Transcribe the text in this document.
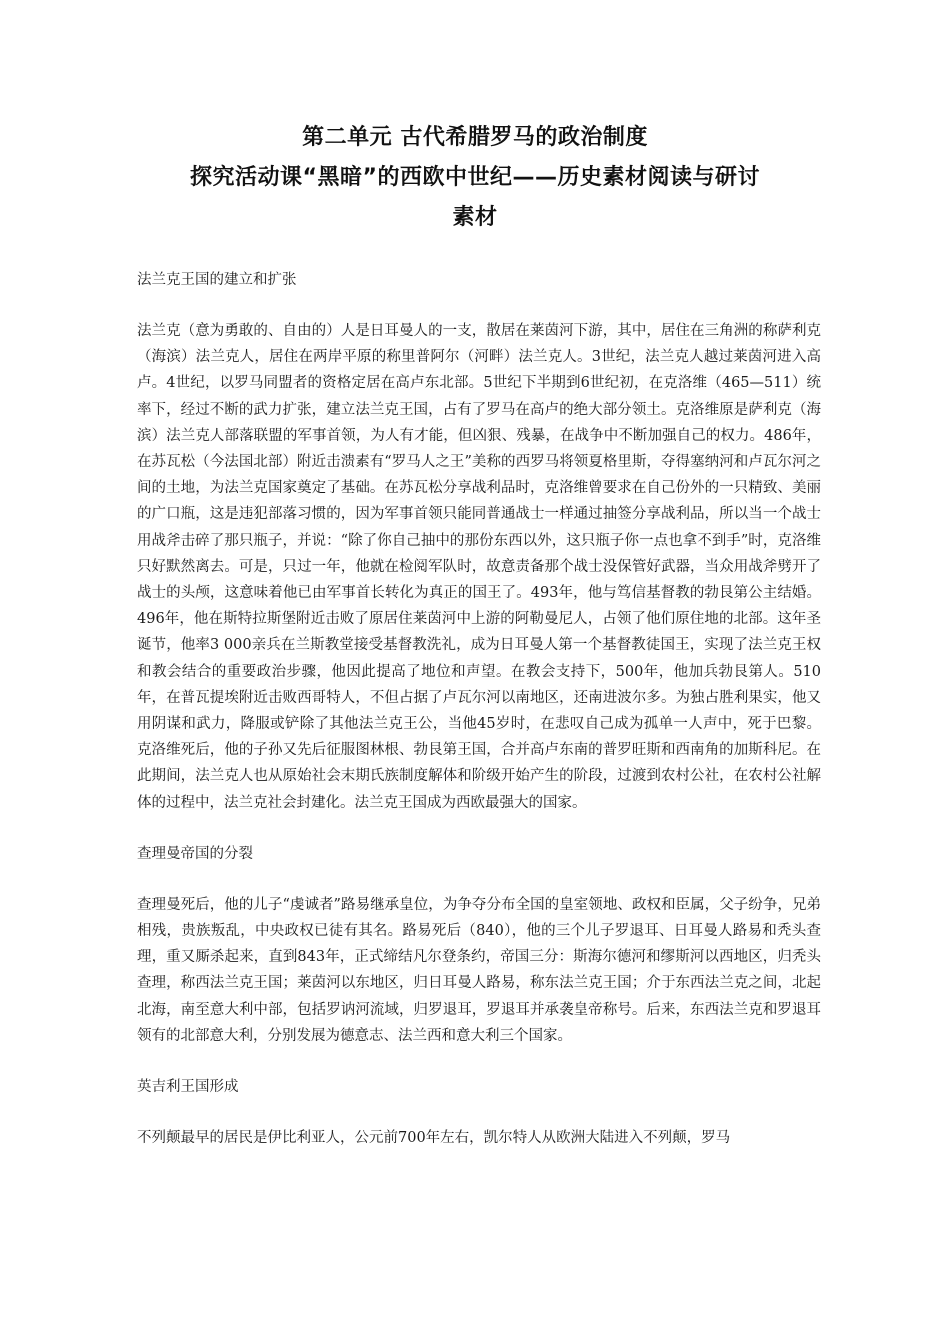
第二单元 古代希腊罗马的政治制度
探究活动课“黑暗”的西欧中世纪——历史素材阅读与研讨
素材
法兰克王国的建立和扩张
法兰克（意为勇敢的、自由的）人是日耳曼人的一支，散居在莱茵河下游，其中，居住在三角洲的称萨利克（海滨）法兰克人，居住在两岸平原的称里普阿尔（河畔）法兰克人。3世纪，法兰克人越过莱茵河进入高卢。4世纪，以罗马同盟者的资格定居在高卢东北部。5世纪下半期到6世纪初，在克洛维（465—511）统率下，经过不断的武力扩张，建立法兰克王国，占有了罗马在高卢的绝大部分领土。克洛维原是萨利克（海滨）法兰克人部落联盟的军事首领，为人有才能，但凶狠、残暴，在战争中不断加强自己的权力。486年，在苏瓦松（今法国北部）附近击溃素有“罗马人之王”美称的西罗马将领夏格里斯，夺得塞纳河和卢瓦尔河之间的土地，为法兰克国家奠定了基础。在苏瓦松分享战利品时，克洛维曾要求在自己份外的一只精致、美丽的广口瓶，这是违犯部落习惯的，因为军事首领只能同普通战士一样通过抽签分享战利品，所以当一个战士用战斧击碎了那只瓶子，并说：“除了你自己抽中的那份东西以外，这只瓶子你一点也拿不到手”时，克洛维只好默然离去。可是，只过一年，他就在检阅军队时，故意责备那个战士没保管好武器，当众用战斧劈开了战士的头颅，这意味着他已由军事首长转化为真正的国王了。493年，他与笃信基督教的勃艮第公主结婚。496年，他在斯特拉斯堡附近击败了原居住莱茵河中上游的阿勒曼尼人，占领了他们原住地的北部。这年圣诞节，他率3 000亲兵在兰斯教堂接受基督教洗礼，成为日耳曼人第一个基督教徒国王，实现了法兰克王权和教会结合的重要政治步骤，他因此提高了地位和声望。在教会支持下，500年，他加兵勃艮第人。510年，在普瓦提埃附近击败西哥特人，不但占据了卢瓦尔河以南地区，还南进波尔多。为独占胜利果实，他又用阴谋和武力，降服或铲除了其他法兰克王公，当他45岁时，在悲叹自己成为孤单一人声中，死于巴黎。克洛维死后，他的子孙又先后征服图林根、勃艮第王国，合并高卢东南的普罗旺斯和西南角的加斯科尼。在此期间，法兰克人也从原始社会末期氏族制度解体和阶级开始产生的阶段，过渡到农村公社，在农村公社解体的过程中，法兰克社会封建化。法兰克王国成为西欧最强大的国家。
查理曼帝国的分裂
查理曼死后，他的儿子“虔诚者”路易继承皇位，为争夺分布全国的皇室领地、政权和臣属，父子纷争，兄弟相残，贵族叛乱，中央政权已徒有其名。路易死后（840），他的三个儿子罗退耳、日耳曼人路易和秃头查理，重又厮杀起来，直到843年，正式缔结凡尔登条约，帝国三分：斯海尔德河和缪斯河以西地区，归秃头查理，称西法兰克王国；莱茵河以东地区，归日耳曼人路易，称东法兰克王国；介于东西法兰克之间，北起北海，南至意大利中部，包括罗讷河流域，归罗退耳，罗退耳并承袭皇帝称号。后来，东西法兰克和罗退耳领有的北部意大利，分别发展为德意志、法兰西和意大利三个国家。
英吉利王国形成
不列颠最早的居民是伊比利亚人，公元前700年左右，凯尔特人从欧洲大陆进入不列颠，罗马
